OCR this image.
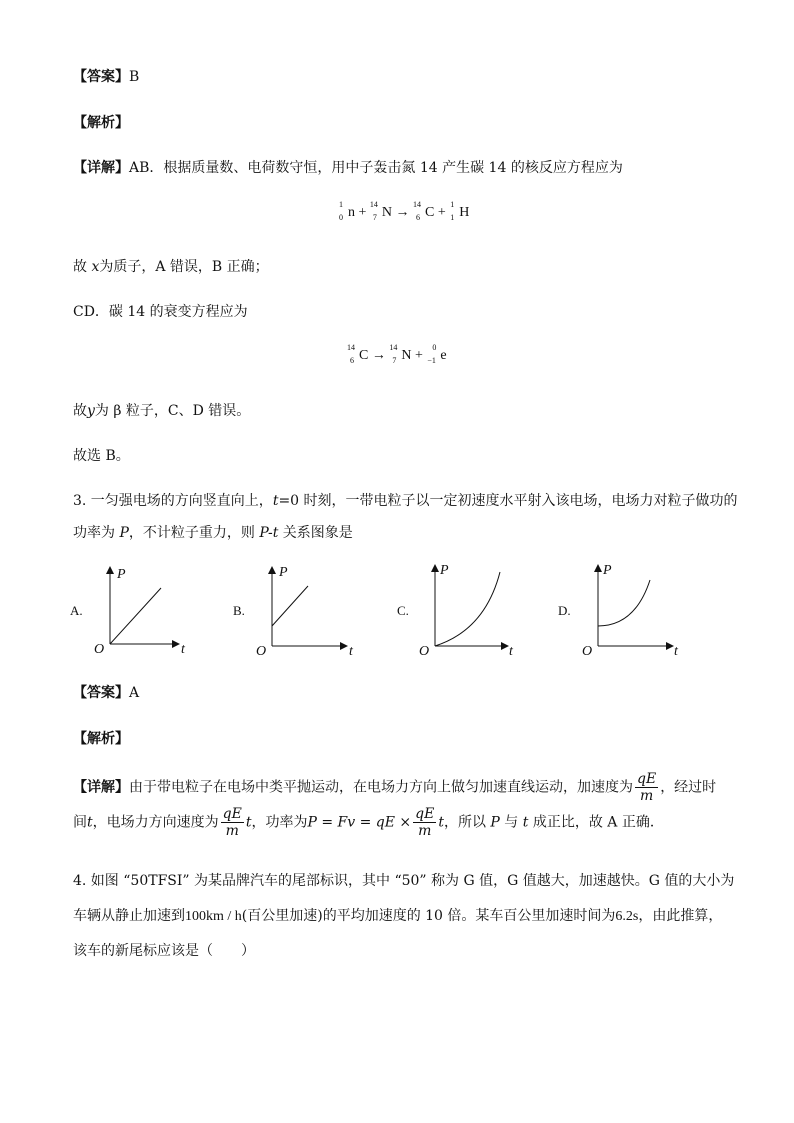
【答案】B
【解析】
【详解】AB．根据质量数、电荷数守恒，用中子轰击氮 14 产生碳 14 的核反应方程应为
1
0 n +
14
7 N →
14
6 C +
1
1 H
故 x为质子，A 错误，B 正确；
CD．碳 14 的衰变方程应为
14
6 C →
14
7 N +
0
−1 e
故y为 β 粒子，C、D 错误。
故选 B。
3. 一匀强电场的方向竖直向上，t=0 时刻，一带电粒子以一定初速度水平射入该电场，电场力对粒子做功的
功率为 P，不计粒子重力，则 P-t 关系图象是
A.
P
t
O
B.
P
t
O
C.
P
t
O
D.
P
t
O
【答案】A
【解析】
【详解】由于带电粒子在电场中类平抛运动，在电场力方向上做匀加速直线运动，加速度为 $\frac{qE}{m}$ ，经过时
间t，电场力方向速度为 $\frac{qE}{m}$ t，功率为P = Fv = qE × $\frac{qE}{m}$ t，所以 P 与 t 成正比，故 A 正确．
4. 如图 “50TFSI” 为某品牌汽车的尾部标识，其中 “50” 称为 G 值，G 值越大，加速越快。G 值的大小为
车辆从静止加速到100km / h(百公里加速)的平均加速度的 10 倍。某车百公里加速时间为6.2s，由此推算，
该车的新尾标应该是（　　）
